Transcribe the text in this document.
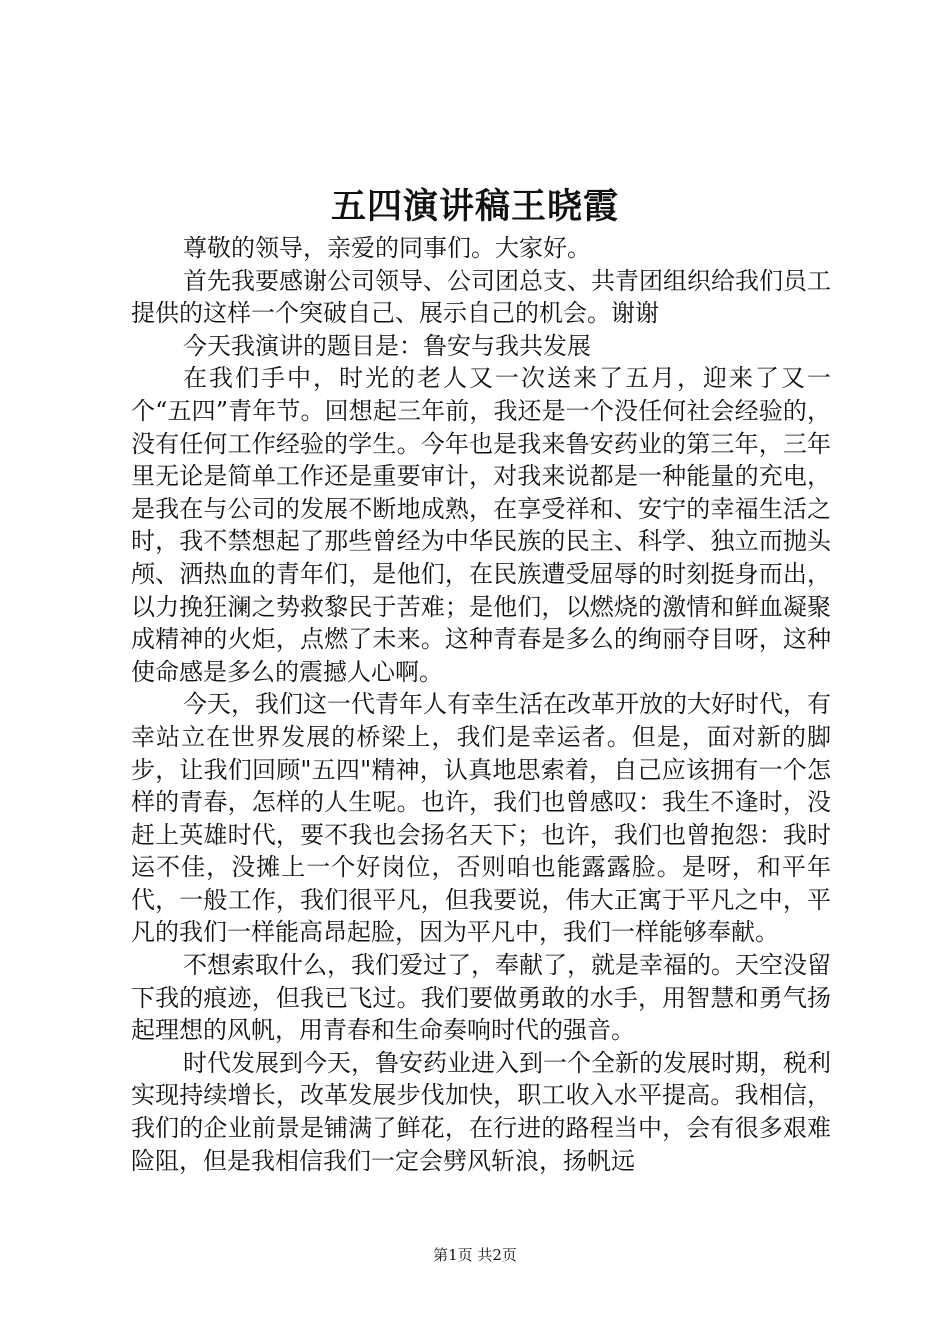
五四演讲稿王晓霞

尊敬的领导，亲爱的同事们。大家好。

首先我要感谢公司领导、公司团总支、共青团组织给我们员工提供的这样一个突破自己、展示自己的机会。谢谢

今天我演讲的题目是：鲁安与我共发展

在我们手中，时光的老人又一次送来了五月，迎来了又一个“五四”青年节。回想起三年前，我还是一个没任何社会经验的，没有任何工作经验的学生。今年也是我来鲁安药业的第三年，三年里无论是简单工作还是重要审计，对我来说都是一种能量的充电，是我在与公司的发展不断地成熟，在享受祥和、安宁的幸福生活之时，我不禁想起了那些曾经为中华民族的民主、科学、独立而抛头颅、洒热血的青年们，是他们，在民族遭受屈辱的时刻挺身而出，以力挽狂澜之势救黎民于苦难；是他们，以燃烧的激情和鲜血凝聚成精神的火炬，点燃了未来。这种青春是多么的绚丽夺目呀，这种使命感是多么的震撼人心啊。

今天，我们这一代青年人有幸生活在改革开放的大好时代，有幸站立在世界发展的桥梁上，我们是幸运者。但是，面对新的脚步，让我们回顾"五四"精神，认真地思索着，自己应该拥有一个怎样的青春，怎样的人生呢。也许，我们也曾感叹：我生不逢时，没赶上英雄时代，要不我也会扬名天下；也许，我们也曾抱怨：我时运不佳，没摊上一个好岗位，否则咱也能露露脸。是呀，和平年代，一般工作，我们很平凡，但我要说，伟大正寓于平凡之中，平凡的我们一样能高昂起脸，因为平凡中，我们一样能够奉献。

不想索取什么，我们爱过了，奉献了，就是幸福的。天空没留下我的痕迹，但我已飞过。我们要做勇敢的水手，用智慧和勇气扬起理想的风帆，用青春和生命奏响时代的强音。

时代发展到今天，鲁安药业进入到一个全新的发展时期，税利实现持续增长，改革发展步伐加快，职工收入水平提高。我相信，我们的企业前景是铺满了鲜花，在行进的路程当中，会有很多艰难险阻，但是我相信我们一定会劈风斩浪，扬帆远

第1页 共2页
